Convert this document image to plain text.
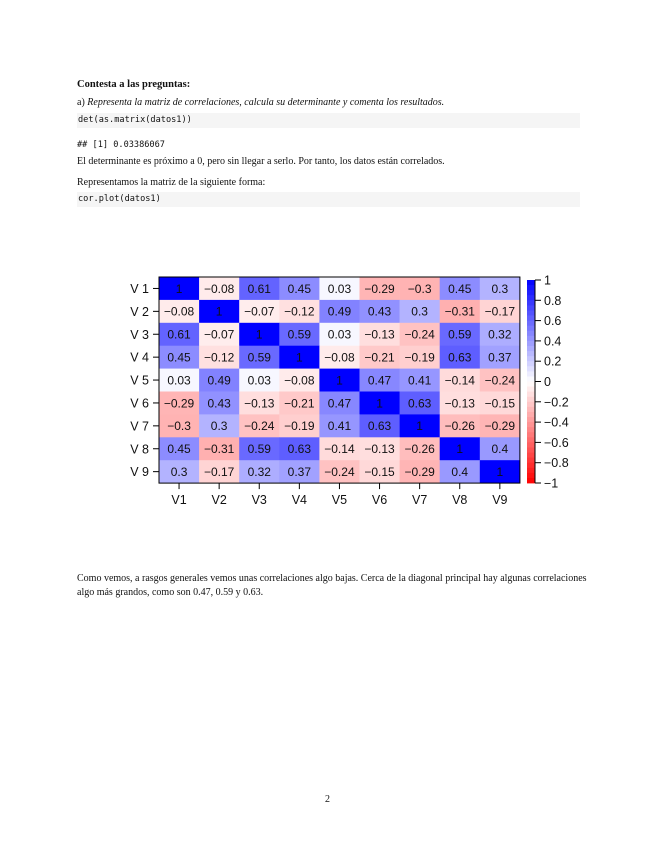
Contesta a las preguntas:
a) Representa la matriz de correlaciones, calcula su determinante y comenta los resultados.
det(as.matrix(datos1))
## [1] 0.03386067
El determinante es próximo a 0, pero sin llegar a serlo. Por tanto, los datos están correlados.
Representamos la matriz de la siguiente forma:
cor.plot(datos1)
1 −0.08 0.61 0.45 0.03 −0.29 −0.3 0.45 0.3
−0.08 1 −0.07 −0.12 0.49 0.43 0.3 −0.31 −0.17
0.61 −0.07 1 0.59 0.03 −0.13 −0.24 0.59 0.32
0.45 −0.12 0.59 1 −0.08 −0.21 −0.19 0.63 0.37
0.03 0.49 0.03 −0.08 1 0.47 0.41 −0.14 −0.24
−0.29 0.43 −0.13 −0.21 0.47 1 0.63 −0.13 −0.15
−0.3 0.3 −0.24 −0.19 0.41 0.63 1 −0.26 −0.29
0.45 −0.31 0.59 0.63 −0.14 −0.13 −0.26 1 0.4
0.3 −0.17 0.32 0.37 −0.24 −0.15 −0.29 0.4 1
V 1
V 2
V 3
V 4
V 5
V 6
V 7
V 8
V 9
V1 V2 V3 V4 V5 V6 V7 V8 V9
1
0.8
0.6
0.4
0.2
0
−0.2
−0.4
−0.6
−0.8
−1
Como vemos, a rasgos generales vemos unas correlaciones algo bajas. Cerca de la diagonal principal hay algunas correlaciones algo más grandos, como son 0.47, 0.59 y 0.63.
2
